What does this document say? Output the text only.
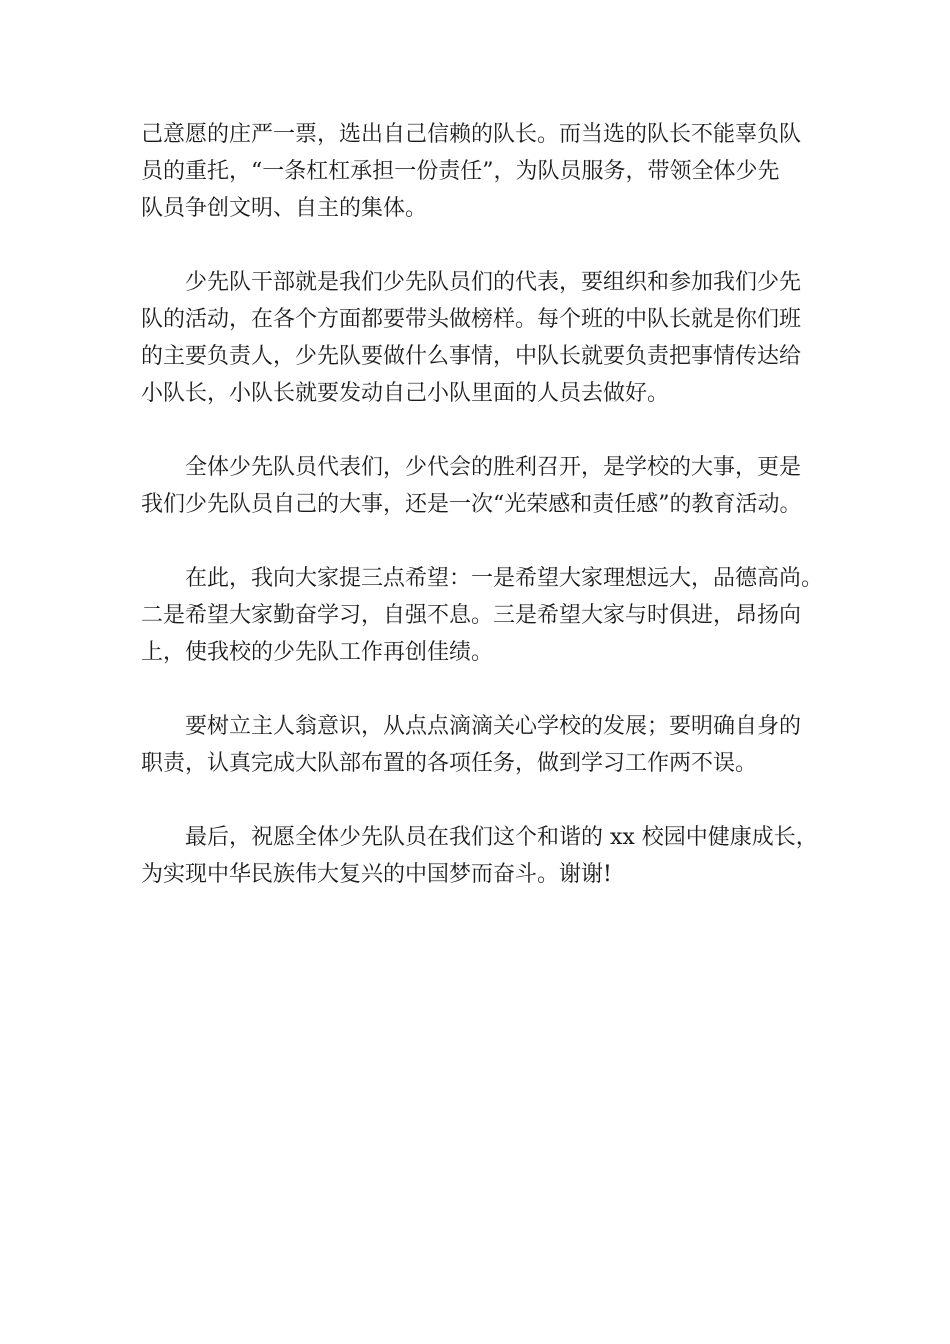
己意愿的庄严一票，选出自己信赖的队长。而当选的队长不能辜负队
员的重托，“一条杠杠承担一份责任”，为队员服务，带领全体少先
队员争创文明、自主的集体。

少先队干部就是我们少先队员们的代表，要组织和参加我们少先
队的活动，在各个方面都要带头做榜样。每个班的中队长就是你们班
的主要负责人，少先队要做什么事情，中队长就要负责把事情传达给
小队长，小队长就要发动自己小队里面的人员去做好。

全体少先队员代表们，少代会的胜利召开，是学校的大事，更是
我们少先队员自己的大事，还是一次“光荣感和责任感”的教育活动。

在此，我向大家提三点希望：一是希望大家理想远大，品德高尚。
二是希望大家勤奋学习，自强不息。三是希望大家与时俱进，昂扬向
上，使我校的少先队工作再创佳绩。

要树立主人翁意识，从点点滴滴关心学校的发展；要明确自身的
职责，认真完成大队部布置的各项任务，做到学习工作两不误。

最后，祝愿全体少先队员在我们这个和谐的 xx 校园中健康成长，
为实现中华民族伟大复兴的中国梦而奋斗。谢谢!
